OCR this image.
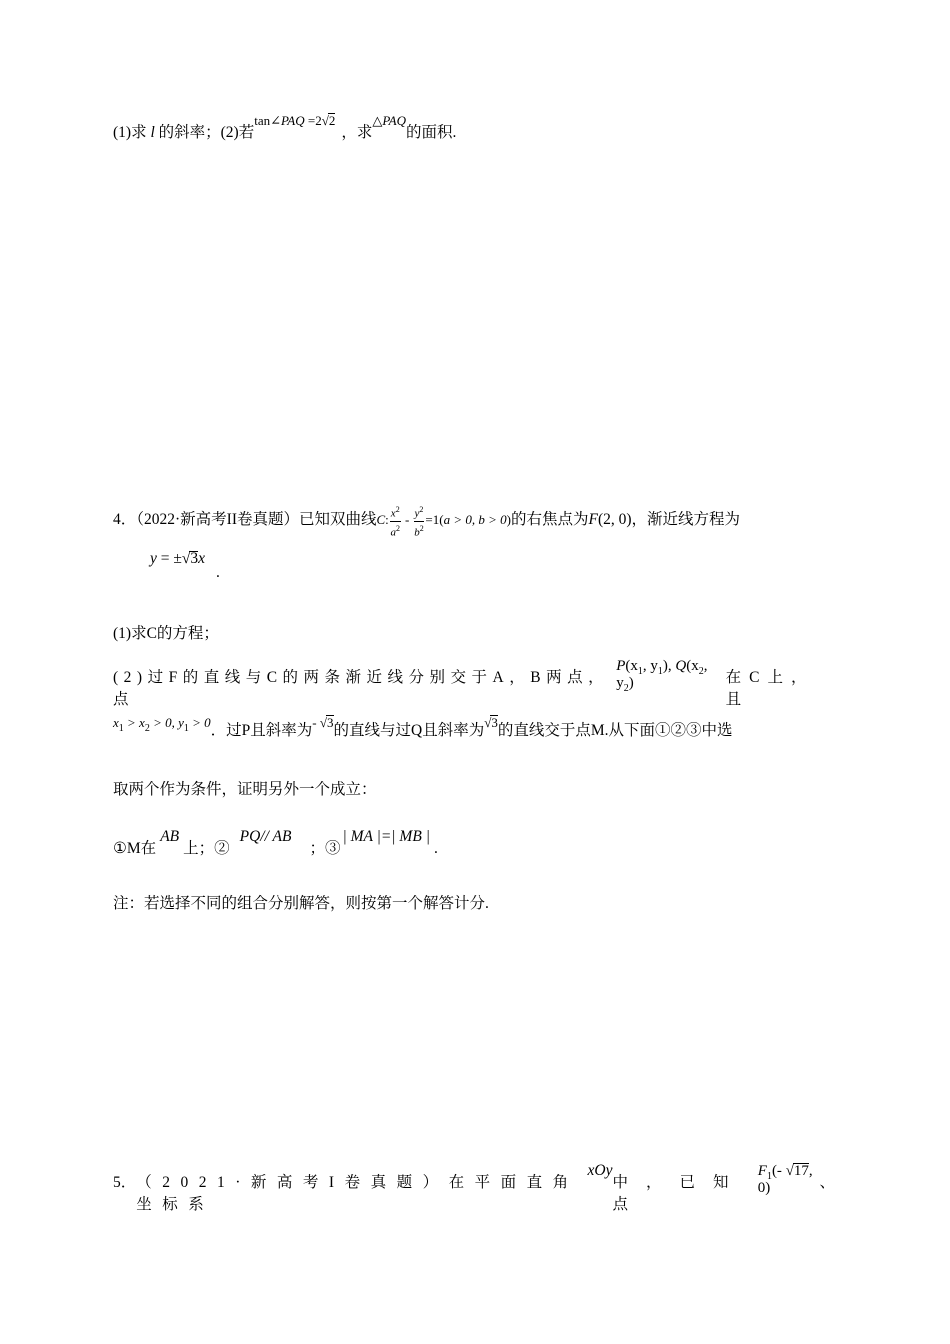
(1)求 l 的斜率；(2)若$^{tan\angle PAQ =2√2}$，求$^{\triangle PAQ}$的面积.
4．（2022·新高考II卷真题）已知双曲线C: $\frac{x^2}{a^2} - \frac{y^2}{b^2} =1(a > 0$, b > 0)的右焦点为F(2, 0)，渐近线方程为
y = ±√3x
.
(1)求C的方程；
(2)过F的直线与C的两条渐近线分别交于A，B两点，点
$P(x_1$, $y_1$), $Q(x_2$, $y_2$)	在C上，且
$^{x_1 > x_2 > 0, y_1 > 0}$．过P且斜率为$^{- √3}$的直线与过Q且斜率为$^{√3}$的直线交于点M.从下面①②③中选
取两个作为条件，证明另外一个成立：
①M在AB上；②PQ// AB；③| MA |=| MB |.
注：若选择不同的组合分别解答，则按第一个解答计分.
5． （2021·新高考I卷真题）在平面直角坐标系
xOy
中，已知点
$F_1(-$ √17, 0)	、
